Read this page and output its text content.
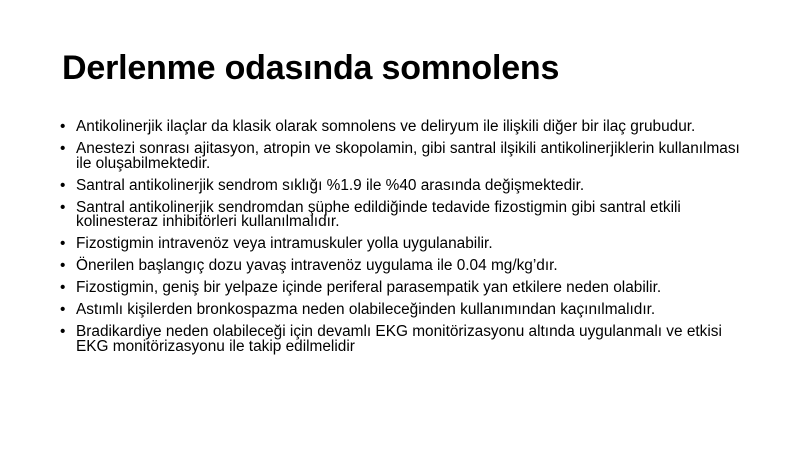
Derlenme odasında somnolens
• Antikolinerjik ilaçlar da klasik olarak somnolens ve deliryum ile ilişkili diğer bir ilaç grubudur.
• Anestezi sonrası ajitasyon, atropin ve skopolamin, gibi santral ilşikili antikolinerjiklerin kullanılması ile oluşabilmektedir.
• Santral antikolinerjik sendrom sıklığı %1.9 ile %40 arasında değişmektedir.
• Santral antikolinerjik sendromdan şüphe edildiğinde tedavide fizostigmin gibi santral etkili kolinesteraz inhibitörleri kullanılmalıdır.
• Fizostigmin intravenöz veya intramuskuler yolla uygulanabilir.
• Önerilen başlangıç dozu yavaş intravenöz uygulama ile 0.04 mg/kg’dır.
• Fizostigmin, geniş bir yelpaze içinde periferal parasempatik yan etkilere neden olabilir.
• Astımlı kişilerden bronkospazma neden olabileceğinden kullanımından kaçınılmalıdır.
• Bradikardiye neden olabileceği için devamlı EKG monitörizasyonu altında uygulanmalı ve etkisi EKG monitörizasyonu ile takip edilmelidir
